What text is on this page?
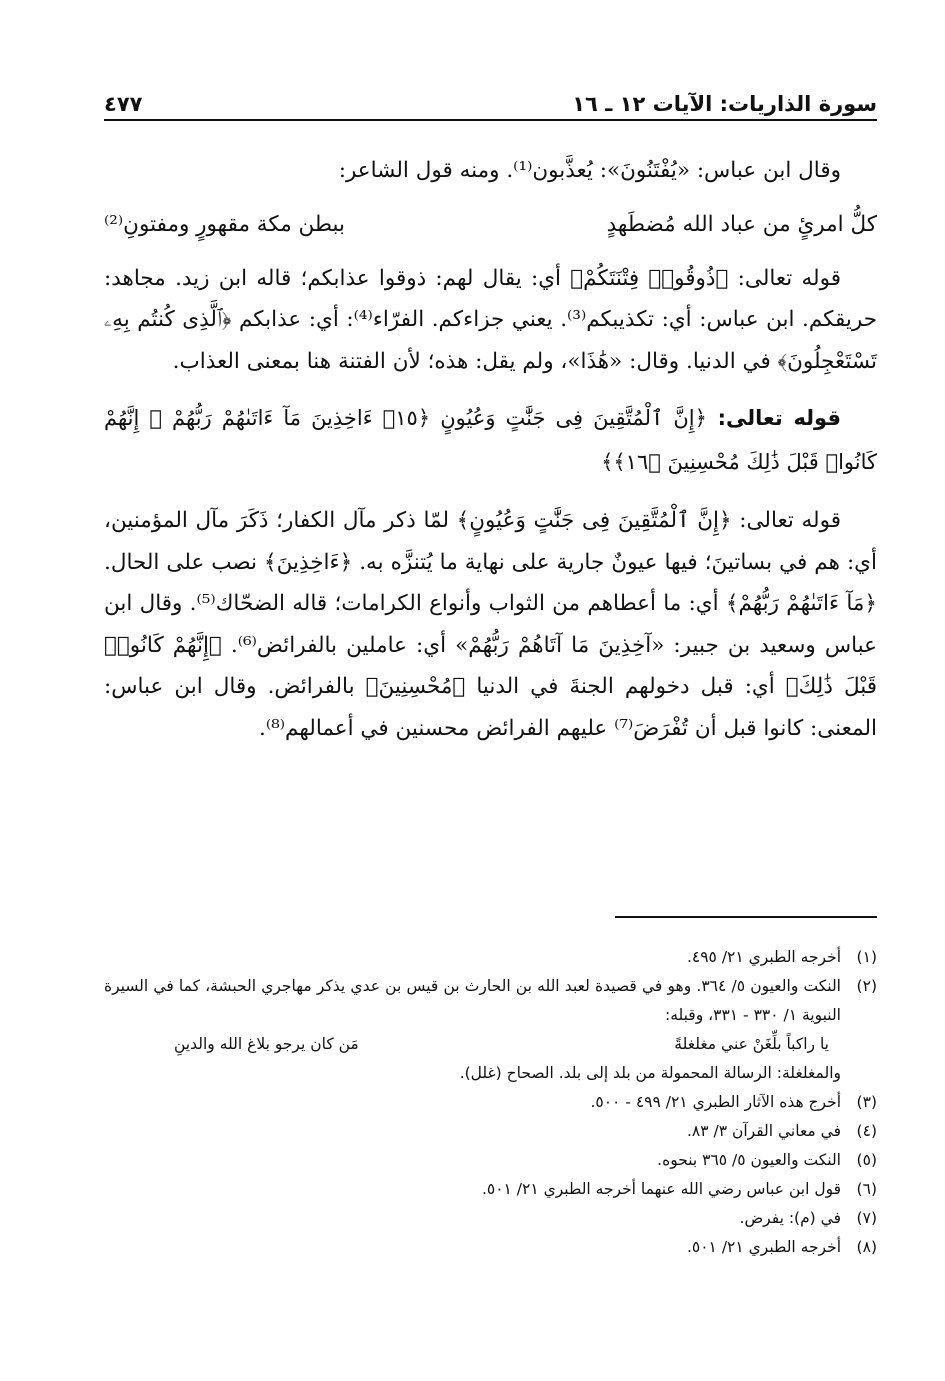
سورة الذاريات: الآيات ١٢ ـ ١٦
٤٧٧

وقال ابن عباس: «يُفْتَنُونَ»: يُعذَّبون⁽¹⁾. ومنه قول الشاعر:

كلُّ امرئٍ من عباد الله مُضطَهدٍ
ببطن مكة مقهورٍ ومفتونِ⁽²⁾

قوله تعالى: ﴿ذُوقُوا۟ فِتْنَتَكُمْ﴾ أي: يقال لهم: ذوقوا عذابكم؛ قاله ابن زيد. مجاهد: حريقكم. ابن عباس: أي: تكذيبكم⁽³⁾. يعني جزاءكم. الفرّاء⁽⁴⁾: أي: عذابكم ﴿ٱلَّذِى كُنتُم بِهِۦ تَسْتَعْجِلُونَ﴾ في الدنيا. وقال: «هَٰذَا»، ولم يقل: هذه؛ لأن الفتنة هنا بمعنى العذاب.

قوله تعالى: ﴿إِنَّ ٱلْمُتَّقِينَ فِى جَنَّٰتٍ وَعُيُونٍ ﴿١٥﴾ ءَاخِذِينَ مَآ ءَاتَىٰهُمْ رَبُّهُمْ ۚ إِنَّهُمْ كَانُوا۟ قَبْلَ ذَٰلِكَ مُحْسِنِينَ ﴿١٦﴾﴾

قوله تعالى: ﴿إِنَّ ٱلْمُتَّقِينَ فِى جَنَّٰتٍ وَعُيُونٍ﴾ لمّا ذكر مآل الكفار؛ ذَكَرَ مآل المؤمنين، أي: هم في بساتينَ؛ فيها عيونٌ جارية على نهاية ما يُتنزَّه به. ﴿ءَاخِذِينَ﴾ نصب على الحال. ﴿مَآ ءَاتَىٰهُمْ رَبُّهُمْ﴾ أي: ما أعطاهم من الثواب وأنواع الكرامات؛ قاله الضحّاك⁽⁵⁾. وقال ابن عباس وسعيد بن جبير: «آخِذِينَ مَا آتَاهُمْ رَبُّهُمْ» أي: عاملين بالفرائض⁽⁶⁾. ﴿إِنَّهُمْ كَانُوا۟ قَبْلَ ذَٰلِكَ﴾ أي: قبل دخولهم الجنةَ في الدنيا ﴿مُحْسِنِينَ﴾ بالفرائض. وقال ابن عباس: المعنى: كانوا قبل أن تُفْرَضَ⁽⁷⁾ عليهم الفرائض محسنين في أعمالهم⁽⁸⁾.

(١)
أخرجه الطبري ٢١/ ٤٩٥.
(٢)
النكت والعيون ٥/ ٣٦٤. وهو في قصيدة لعبد الله بن الحارث بن قيس بن عدي يذكر مهاجري الحبشة، كما في السيرة النبوية ١/ ٣٣٠ - ٣٣١، وقبله:
يا راكباً بلِّغَنْ عني مغلغلةً
مَن كان يرجو بلاغ الله والدينِ
والمغلغلة: الرسالة المحمولة من بلد إلى بلد. الصحاح (غلل).
(٣)
أخرج هذه الآثار الطبري ٢١/ ٤٩٩ - ٥٠٠.
(٤)
في معاني القرآن ٣/ ٨٣.
(٥)
النكت والعيون ٥/ ٣٦٥ بنحوه.
(٦)
قول ابن عباس رضي الله عنهما أخرجه الطبري ٢١/ ٥٠١.
(٧)
في (م): يفرض.
(٨)
أخرجه الطبري ٢١/ ٥٠١.
